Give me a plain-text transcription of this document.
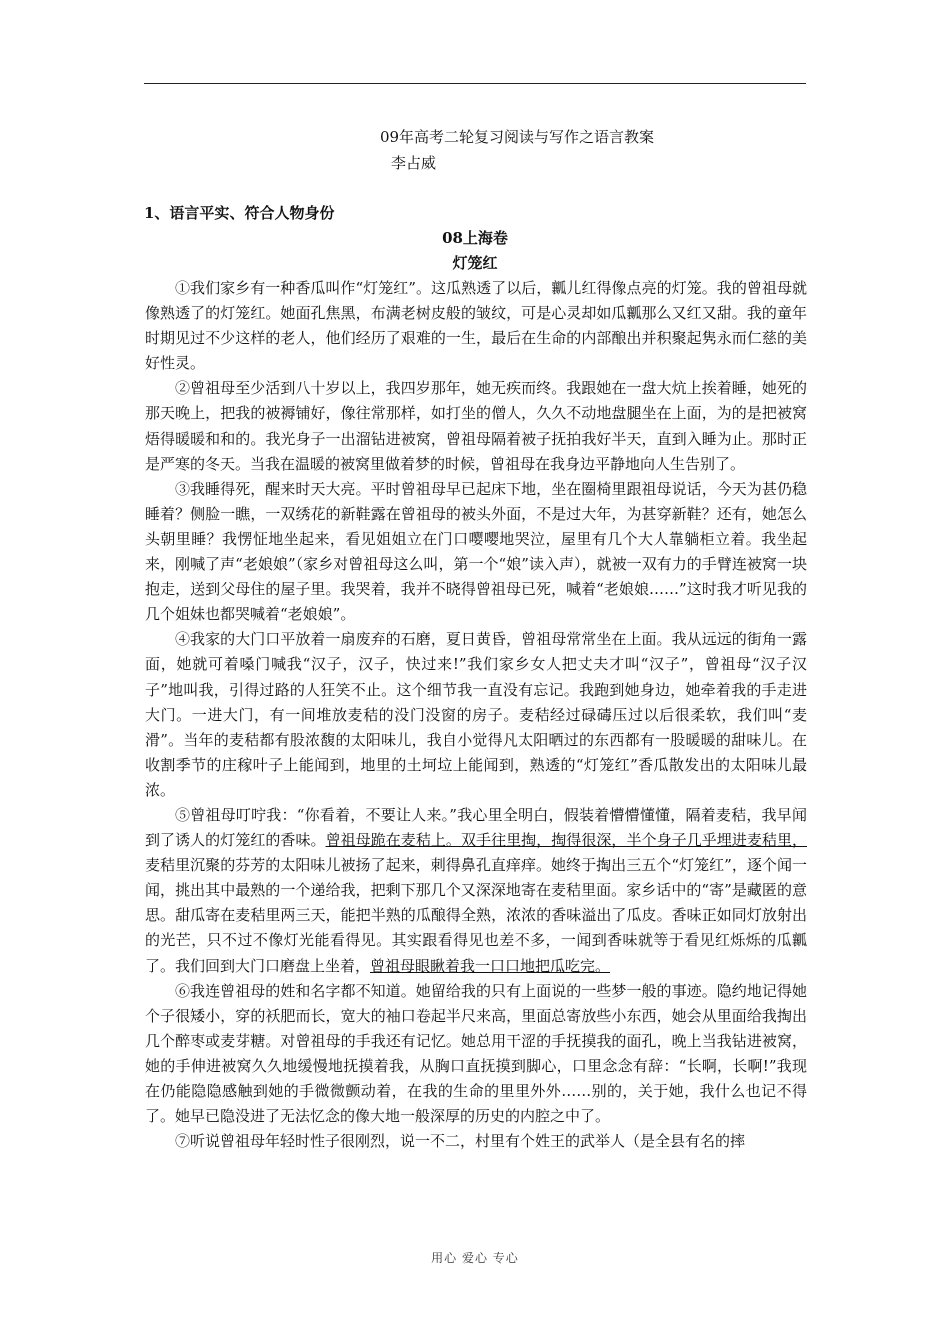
09年高考二轮复习阅读与写作之语言教案
李占威
1、语言平实、符合人物身份
08上海卷
灯笼红

①我们家乡有一种香瓜叫作“灯笼红”。这瓜熟透了以后，瓤儿红得像点亮的灯笼。我的曾祖母就像熟透了的灯笼红。她面孔焦黑，布满老树皮般的皱纹，可是心灵却如瓜瓤那么又红又甜。我的童年时期见过不少这样的老人，他们经历了艰难的一生，最后在生命的内部酿出并积聚起隽永而仁慈的美好性灵。

②曾祖母至少活到八十岁以上，我四岁那年，她无疾而终。我跟她在一盘大炕上挨着睡，她死的那天晚上，把我的被褥铺好，像往常那样，如打坐的僧人，久久不动地盘腿坐在上面，为的是把被窝焐得暖暖和和的。我光身子一出溜钻进被窝，曾祖母隔着被子抚拍我好半天，直到入睡为止。那时正是严寒的冬天。当我在温暖的被窝里做着梦的时候，曾祖母在我身边平静地向人生告别了。

③我睡得死，醒来时天大亮。平时曾祖母早已起床下地，坐在圈椅里跟祖母说话，今天为甚仍稳睡着？侧脸一瞧，一双绣花的新鞋露在曾祖母的被头外面，不是过大年，为甚穿新鞋？还有，她怎么头朝里睡？我愣怔地坐起来，看见姐姐立在门口嘤嘤地哭泣，屋里有几个大人靠躺柜立着。我坐起来，刚喊了声“老娘娘”（家乡对曾祖母这么叫，第一个“娘”读入声），就被一双有力的手臂连被窝一块抱走，送到父母住的屋子里。我哭着，我并不晓得曾祖母已死，喊着“老娘娘……”这时我才听见我的几个姐妹也都哭喊着“老娘娘”。

④我家的大门口平放着一扇废弃的石磨，夏日黄昏，曾祖母常常坐在上面。我从远远的街角一露面，她就可着嗓门喊我“汉子，汉子，快过来!”我们家乡女人把丈夫才叫“汉子”，曾祖母“汉子汉子”地叫我，引得过路的人狂笑不止。这个细节我一直没有忘记。我跑到她身边，她牵着我的手走进大门。一进大门，有一间堆放麦秸的没门没窗的房子。麦秸经过碌碡压过以后很柔软，我们叫“麦滑”。当年的麦秸都有股浓馥的太阳味儿，我自小觉得凡太阳晒过的东西都有一股暖暖的甜味儿。在收割季节的庄稼叶子上能闻到，地里的土坷垃上能闻到，熟透的“灯笼红”香瓜散发出的太阳味儿最浓。

⑤曾祖母叮咛我：“你看着，不要让人来。”我心里全明白，假装着懵懵懂懂，隔着麦秸，我早闻到了诱人的灯笼红的香味。曾祖母跪在麦秸上。双手往里掏，掏得很深，半个身子几乎埋进麦秸里，麦秸里沉聚的芬芳的太阳味儿被扬了起来，刺得鼻孔直痒痒。她终于掏出三五个“灯笼红”，逐个闻一闻，挑出其中最熟的一个递给我，把剩下那几个又深深地寄在麦秸里面。家乡话中的“寄”是藏匿的意思。甜瓜寄在麦秸里两三天，能把半熟的瓜酿得全熟，浓浓的香味溢出了瓜皮。香味正如同灯放射出的光芒，只不过不像灯光能看得见。其实跟看得见也差不多，一闻到香味就等于看见红烁烁的瓜瓤了。我们回到大门口磨盘上坐着，曾祖母眼瞅着我一口口地把瓜吃完。

⑥我连曾祖母的姓和名字都不知道。她留给我的只有上面说的一些梦一般的事迹。隐约地记得她个子很矮小，穿的袄肥而长，宽大的袖口卷起半尺来高，里面总寄放些小东西，她会从里面给我掏出几个醉枣或麦芽糖。对曾祖母的手我还有记忆。她总用干涩的手抚摸我的面孔，晚上当我钻进被窝，她的手伸进被窝久久地缓慢地抚摸着我，从胸口直抚摸到脚心，口里念念有辞：“长啊，长啊!”我现在仍能隐隐感触到她的手微微颤动着，在我的生命的里里外外……别的，关于她，我什么也记不得了。她早已隐没进了无法忆念的像大地一般深厚的历史的内腔之中了。

⑦听说曾祖母年轻时性子很刚烈，说一不二，村里有个姓王的武举人（是全县有名的摔

用心 爱心 专心
